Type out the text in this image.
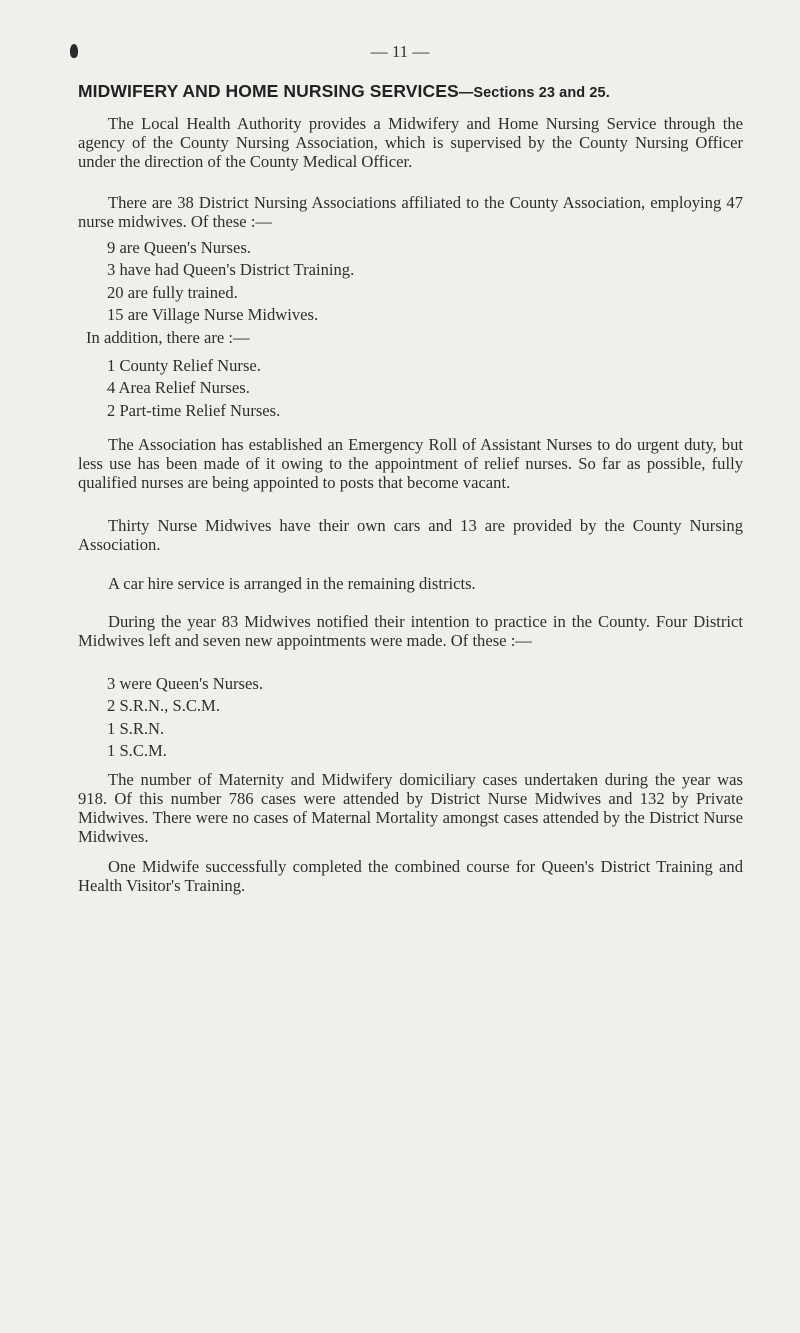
— 11 —
MIDWIFERY AND HOME NURSING SERVICES—Sections 23 and 25.

The Local Health Authority provides a Midwifery and Home Nursing Service through the agency of the County Nursing Association, which is supervised by the County Nursing Officer under the direction of the County Medical Officer.

There are 38 District Nursing Associations affiliated to the County Association, employing 47 nurse midwives. Of these :—

9 are Queen's Nurses.
3 have had Queen's District Training.
20 are fully trained.
15 are Village Nurse Midwives.

In addition, there are :—

1 County Relief Nurse.
4 Area Relief Nurses.
2 Part-time Relief Nurses.

The Association has established an Emergency Roll of Assistant Nurses to do urgent duty, but less use has been made of it owing to the appointment of relief nurses. So far as possible, fully qualified nurses are being appointed to posts that become vacant.

Thirty Nurse Midwives have their own cars and 13 are provided by the County Nursing Association.

A car hire service is arranged in the remaining districts.

During the year 83 Midwives notified their intention to practice in the County. Four District Midwives left and seven new appointments were made. Of these :—

3 were Queen's Nurses.
2 S.R.N., S.C.M.
1 S.R.N.
1 S.C.M.

The number of Maternity and Midwifery domiciliary cases undertaken during the year was 918. Of this number 786 cases were attended by District Nurse Midwives and 132 by Private Midwives. There were no cases of Maternal Mortality amongst cases attended by the District Nurse Midwives.

One Midwife successfully completed the combined course for Queen's District Training and Health Visitor's Training.
